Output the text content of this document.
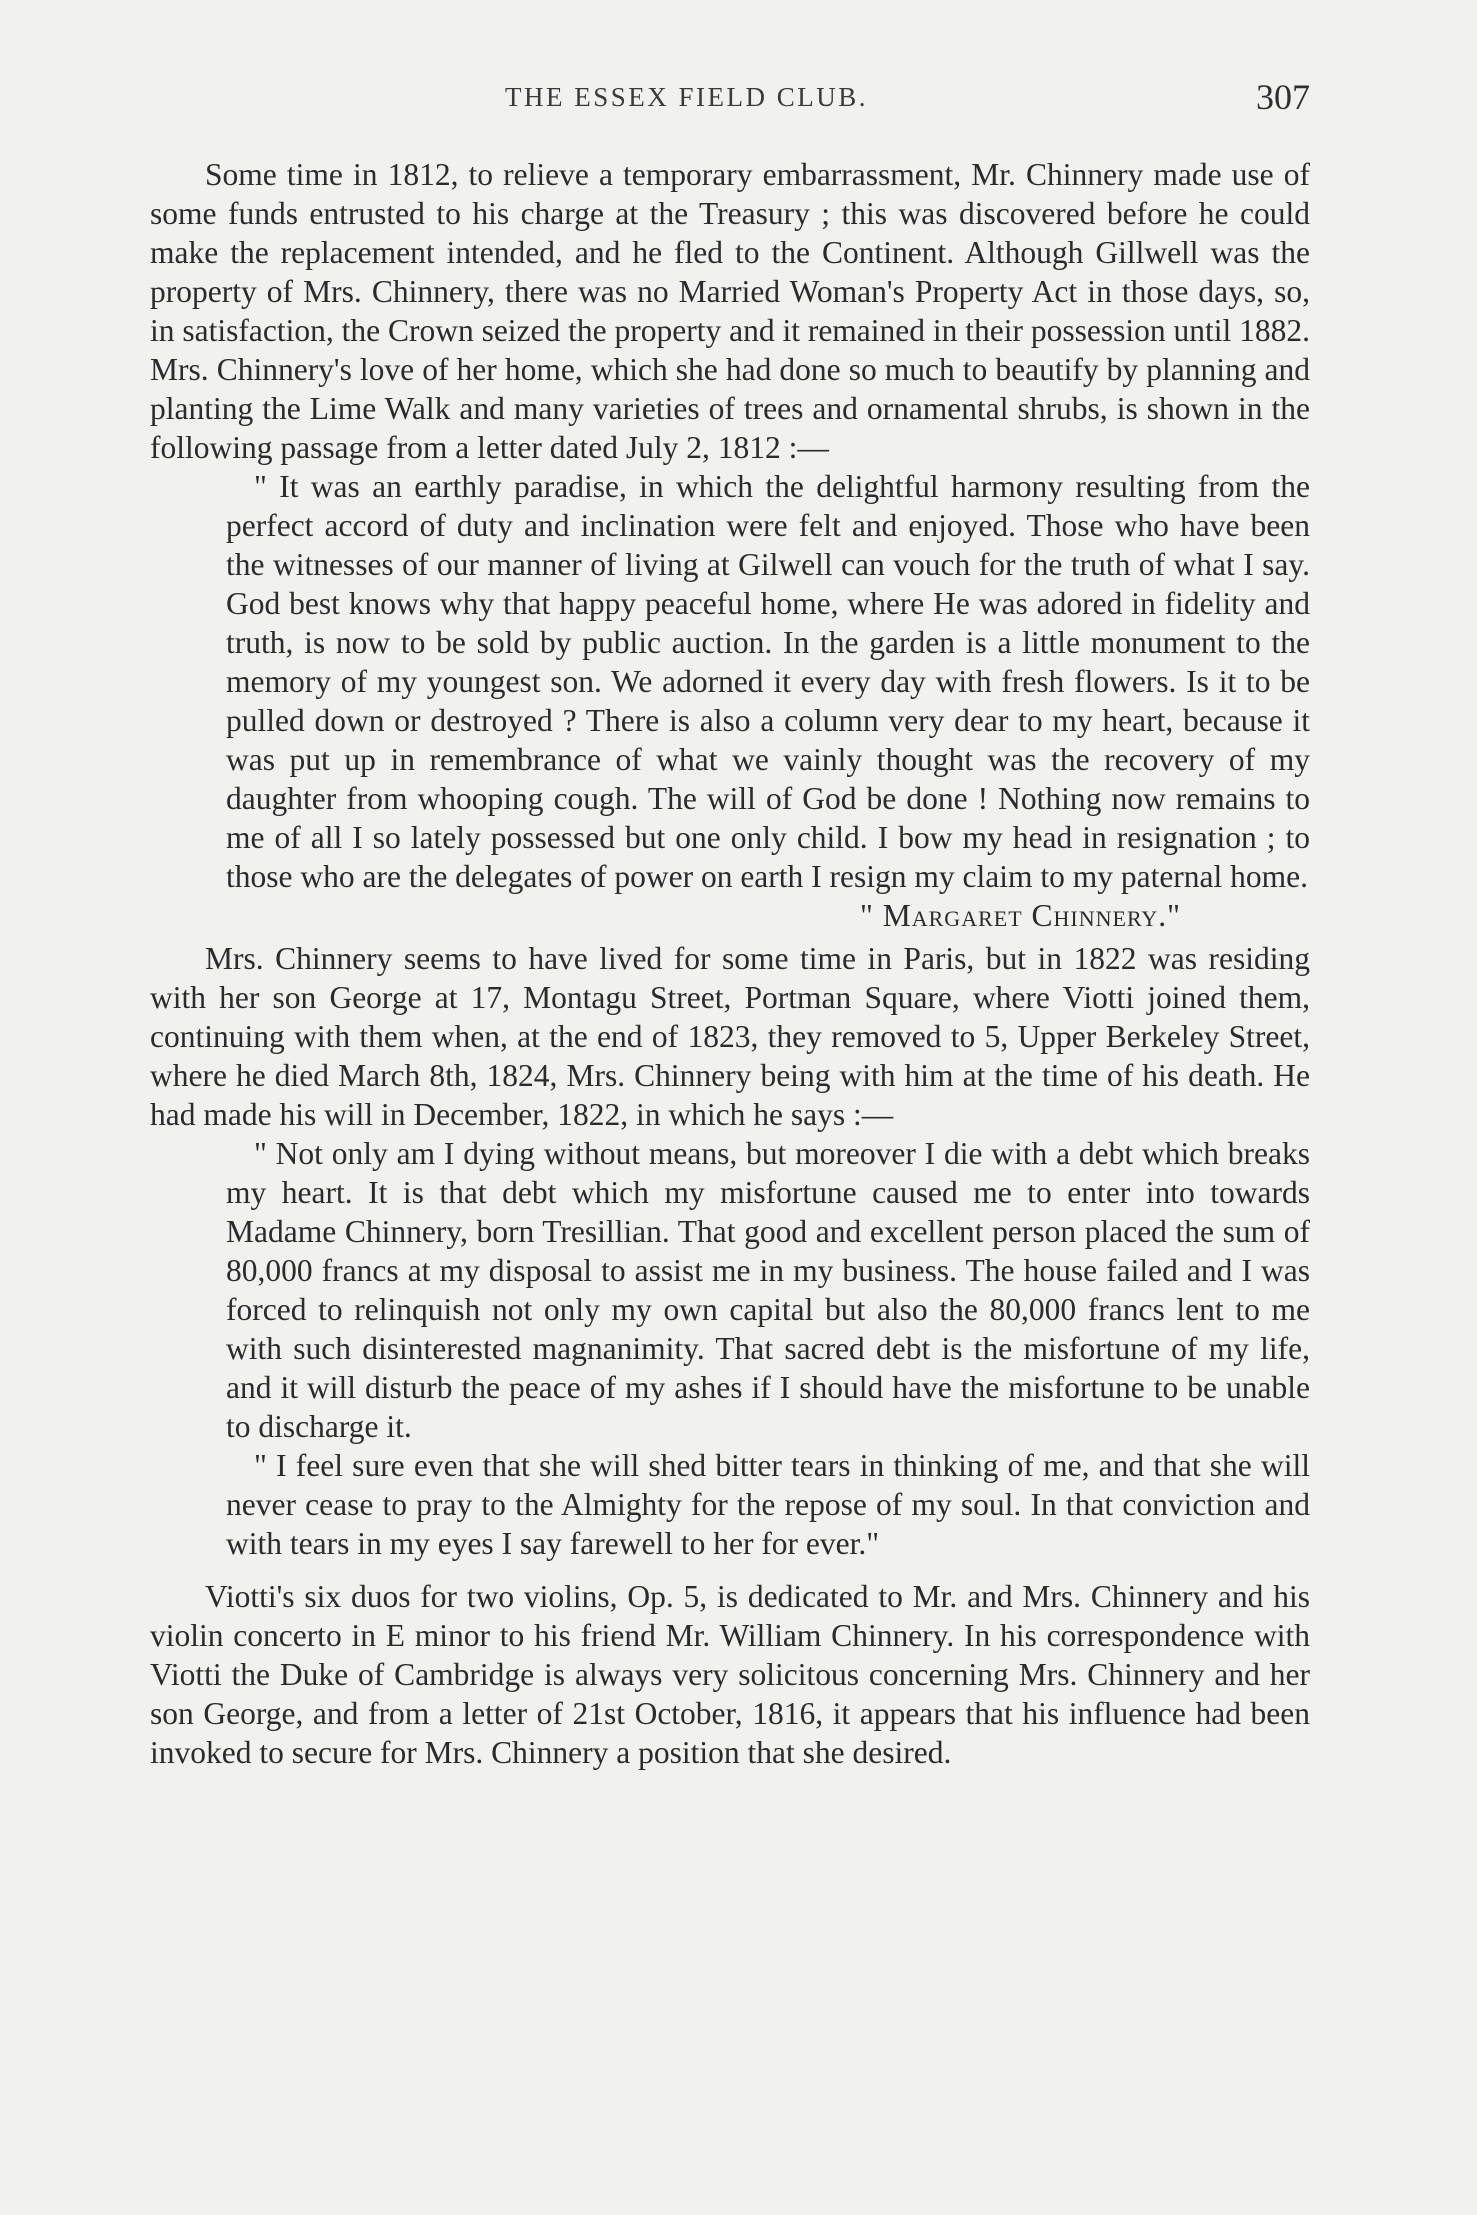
THE ESSEX FIELD CLUB.	307

Some time in 1812, to relieve a temporary embarrassment, Mr. Chinnery made use of some funds entrusted to his charge at the Treasury ; this was discovered before he could make the replacement intended, and he fled to the Continent. Although Gillwell was the property of Mrs. Chinnery, there was no Married Woman's Property Act in those days, so, in satisfaction, the Crown seized the property and it remained in their possession until 1882. Mrs. Chinnery's love of her home, which she had done so much to beautify by planning and planting the Lime Walk and many varieties of trees and ornamental shrubs, is shown in the following passage from a letter dated July 2, 1812 :—

" It was an earthly paradise, in which the delightful harmony resulting from the perfect accord of duty and inclination were felt and enjoyed. Those who have been the witnesses of our manner of living at Gilwell can vouch for the truth of what I say. God best knows why that happy peaceful home, where He was adored in fidelity and truth, is now to be sold by public auction. In the garden is a little monument to the memory of my youngest son. We adorned it every day with fresh flowers. Is it to be pulled down or destroyed ? There is also a column very dear to my heart, because it was put up in remembrance of what we vainly thought was the recovery of my daughter from whooping cough. The will of God be done ! Nothing now remains to me of all I so lately possessed but one only child. I bow my head in resignation ; to those who are the delegates of power on earth I resign my claim to my paternal home.

" Margaret Chinnery."

Mrs. Chinnery seems to have lived for some time in Paris, but in 1822 was residing with her son George at 17, Montagu Street, Portman Square, where Viotti joined them, continuing with them when, at the end of 1823, they removed to 5, Upper Berkeley Street, where he died March 8th, 1824, Mrs. Chinnery being with him at the time of his death. He had made his will in December, 1822, in which he says :—

" Not only am I dying without means, but moreover I die with a debt which breaks my heart. It is that debt which my misfortune caused me to enter into towards Madame Chinnery, born Tresillian. That good and excellent person placed the sum of 80,000 francs at my disposal to assist me in my business. The house failed and I was forced to relinquish not only my own capital but also the 80,000 francs lent to me with such disinterested magnanimity. That sacred debt is the misfortune of my life, and it will disturb the peace of my ashes if I should have the misfortune to be unable to discharge it.

" I feel sure even that she will shed bitter tears in thinking of me, and that she will never cease to pray to the Almighty for the repose of my soul. In that conviction and with tears in my eyes I say farewell to her for ever."

Viotti's six duos for two violins, Op. 5, is dedicated to Mr. and Mrs. Chinnery and his violin concerto in E minor to his friend Mr. William Chinnery. In his correspondence with Viotti the Duke of Cambridge is always very solicitous concerning Mrs. Chinnery and her son George, and from a letter of 21st October, 1816, it appears that his influence had been invoked to secure for Mrs. Chinnery a position that she desired.
